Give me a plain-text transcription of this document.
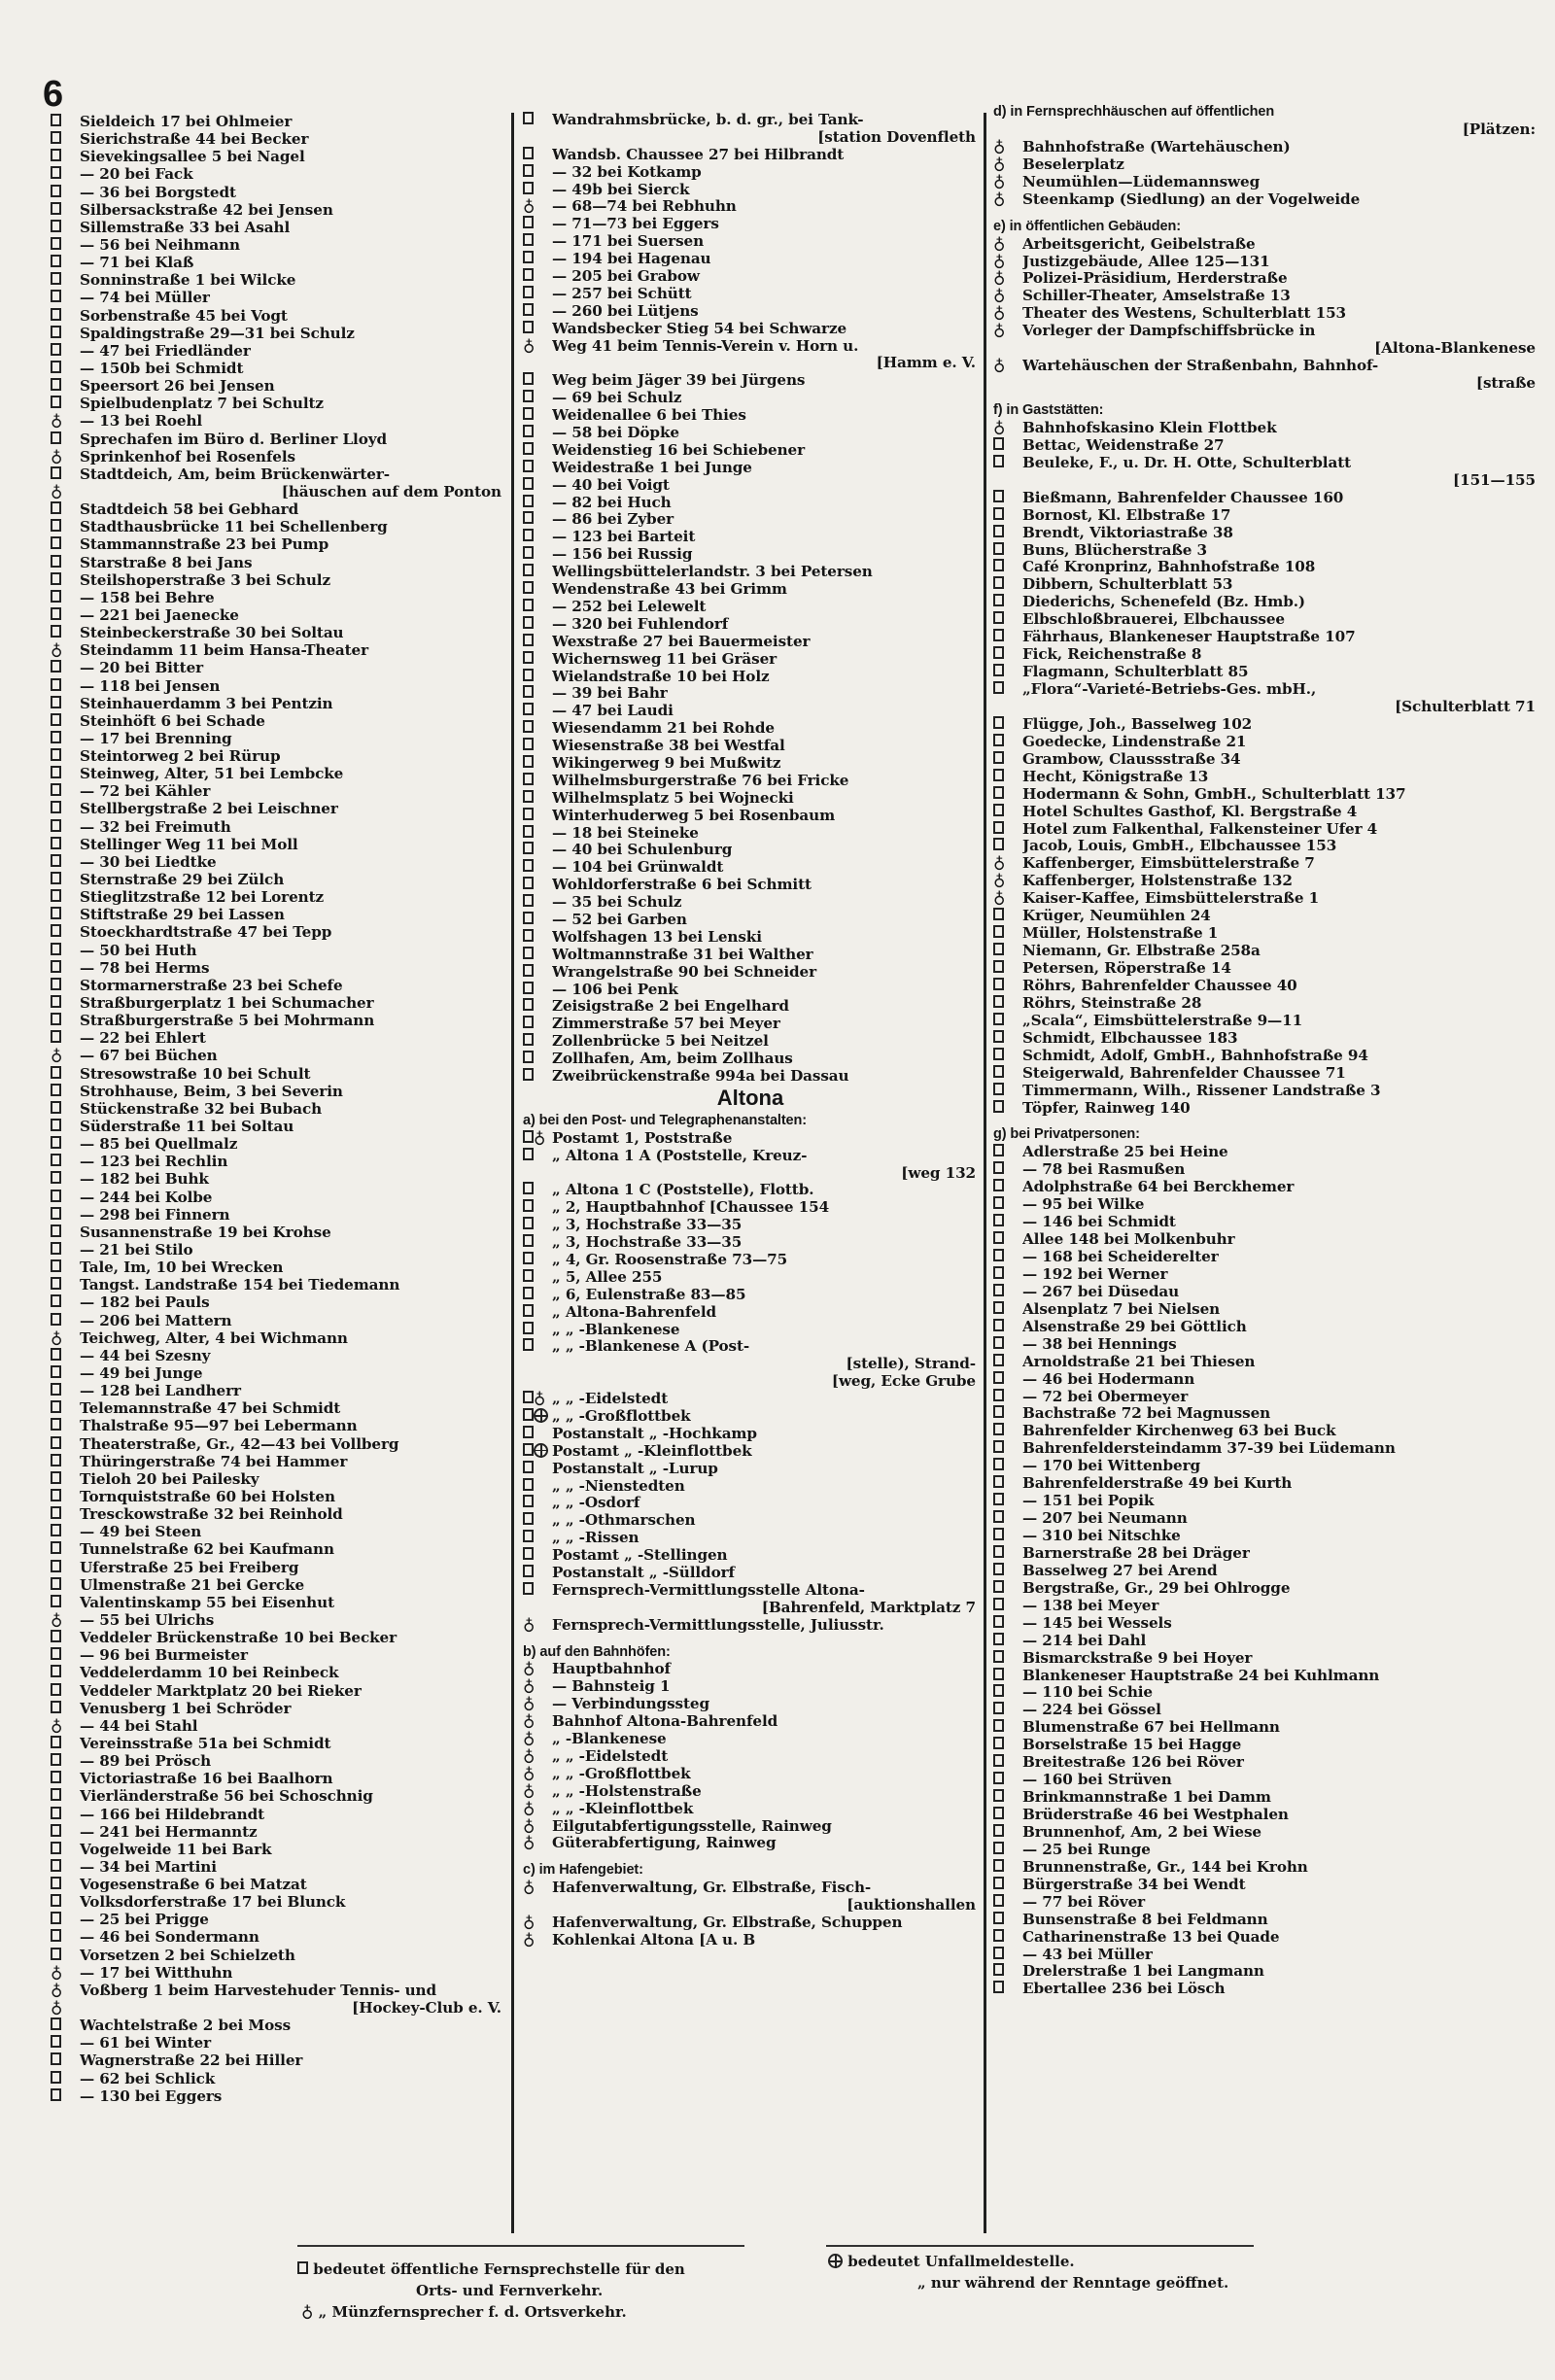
6
Sieldeich 17 bei Ohlmeier
Sierichstraße 44 bei Becker
Sievekingsallee 5 bei Nagel
— 20 bei Fack
— 36 bei Borgstedt
Silbersackstraße 42 bei Jensen
Sillemstraße 33 bei Asahl
— 56 bei Neihmann
— 71 bei Klaß
Sonninstraße 1 bei Wilcke
— 74 bei Müller
Sorbenstraße 45 bei Vogt
Spaldingstraße 29—31 bei Schulz
— 47 bei Friedländer
— 150b bei Schmidt
Speersort 26 bei Jensen
Spielbudenplatz 7 bei Schultz
♁	— 13 bei Roehl
Sprechafen im Büro d. Berliner Lloyd
♁	Sprinkenhof bei Rosenfels
Stadtdeich, Am, beim Brückenwärter-
♁	[häuschen auf dem Ponton
Stadtdeich 58 bei Gebhard
Stadthausbrücke 11 bei Schellenberg
Stammannstraße 23 bei Pump
Starstraße 8 bei Jans
Steilshoperstraße 3 bei Schulz
— 158 bei Behre
— 221 bei Jaenecke
Steinbeckerstraße 30 bei Soltau
♁	Steindamm 11 beim Hansa-Theater
— 20 bei Bitter
— 118 bei Jensen
Steinhauerdamm 3 bei Pentzin
Steinhöft 6 bei Schade
— 17 bei Brenning
Steintorweg 2 bei Rürup
Steinweg, Alter, 51 bei Lembcke
— 72 bei Kähler
Stellbergstraße 2 bei Leischner
— 32 bei Freimuth
Stellinger Weg 11 bei Moll
— 30 bei Liedtke
Sternstraße 29 bei Zülch
Stieglitzstraße 12 bei Lorentz
Stiftstraße 29 bei Lassen
Stoeckhardtstraße 47 bei Tepp
— 50 bei Huth
— 78 bei Herms
Stormarnerstraße 23 bei Schefe
Straßburgerplatz 1 bei Schumacher
Straßburgerstraße 5 bei Mohrmann
— 22 bei Ehlert
♁	— 67 bei Büchen
Stresowstraße 10 bei Schult
Strohhause, Beim, 3 bei Severin
Stückenstraße 32 bei Bubach
Süderstraße 11 bei Soltau
— 85 bei Quellmalz
— 123 bei Rechlin
— 182 bei Buhk
— 244 bei Kolbe
— 298 bei Finnern
Susannenstraße 19 bei Krohse
— 21 bei Stilo
Tale, Im, 10 bei Wrecken
Tangst. Landstraße 154 bei Tiedemann
— 182 bei Pauls
— 206 bei Mattern
♁	Teichweg, Alter, 4 bei Wichmann
— 44 bei Szesny
— 49 bei Junge
— 128 bei Landherr
Telemannstraße 47 bei Schmidt
Thalstraße 95—97 bei Lebermann
Theaterstraße, Gr., 42—43 bei Vollberg
Thüringerstraße 74 bei Hammer
Tieloh 20 bei Pailesky
Tornquiststraße 60 bei Holsten
Tresckowstraße 32 bei Reinhold
— 49 bei Steen
Tunnelstraße 62 bei Kaufmann
Uferstraße 25 bei Freiberg
Ulmenstraße 21 bei Gercke
Valentinskamp 55 bei Eisenhut
♁	— 55 bei Ulrichs
Veddeler Brückenstraße 10 bei Becker
— 96 bei Burmeister
Veddelerdamm 10 bei Reinbeck
Veddeler Marktplatz 20 bei Rieker
Venusberg 1 bei Schröder
♁	— 44 bei Stahl
Vereinsstraße 51a bei Schmidt
— 89 bei Prösch
Victoriastraße 16 bei Baalhorn
Vierländerstraße 56 bei Schoschnig
— 166 bei Hildebrandt
— 241 bei Hermanntz
Vogelweide 11 bei Bark
— 34 bei Martini
Vogesenstraße 6 bei Matzat
Volksdorferstraße 17 bei Blunck
— 25 bei Prigge
— 46 bei Sondermann
Vorsetzen 2 bei Schielzeth
♁	— 17 bei Witthuhn
♁	Voßberg 1 beim Harvestehuder Tennis- und
♁	[Hockey-Club e. V.
Wachtelstraße 2 bei Moss
— 61 bei Winter
Wagnerstraße 22 bei Hiller
— 62 bei Schlick
— 130 bei Eggers
Wandrahmsbrücke, b. d. gr., bei Tank-
[station Dovenfleth
Wandsb. Chaussee 27 bei Hilbrandt
— 32 bei Kotkamp
— 49b bei Sierck
♁	— 68—74 bei Rebhuhn
— 71—73 bei Eggers
— 171 bei Suersen
— 194 bei Hagenau
— 205 bei Grabow
— 257 bei Schütt
— 260 bei Lütjens
Wandsbecker Stieg 54 bei Schwarze
♁	Weg 41 beim Tennis-Verein v. Horn u.
[Hamm e. V.
Weg beim Jäger 39 bei Jürgens
— 69 bei Schulz
Weidenallee 6 bei Thies
— 58 bei Döpke
Weidenstieg 16 bei Schiebener
Weidestraße 1 bei Junge
— 40 bei Voigt
— 82 bei Huch
— 86 bei Zyber
— 123 bei Barteit
— 156 bei Russig
Wellingsbüttelerlandstr. 3 bei Petersen
Wendenstraße 43 bei Grimm
— 252 bei Lelewelt
— 320 bei Fuhlendorf
Wexstraße 27 bei Bauermeister
Wichernsweg 11 bei Gräser
Wielandstraße 10 bei Holz
— 39 bei Bahr
— 47 bei Laudi
Wiesendamm 21 bei Rohde
Wiesenstraße 38 bei Westfal
Wikingerweg 9 bei Mußwitz
Wilhelmsburgerstraße 76 bei Fricke
Wilhelmsplatz 5 bei Wojnecki
Winterhuderweg 5 bei Rosenbaum
— 18 bei Steineke
— 40 bei Schulenburg
— 104 bei Grünwaldt
Wohldorferstraße 6 bei Schmitt
— 35 bei Schulz
— 52 bei Garben
Wolfshagen 13 bei Lenski
Woltmannstraße 31 bei Walther
Wrangelstraße 90 bei Schneider
— 106 bei Penk
Zeisigstraße 2 bei Engelhard
Zimmerstraße 57 bei Meyer
Zollenbrücke 5 bei Neitzel
Zollhafen, Am, beim Zollhaus
Zweibrückenstraße 994a bei Dassau
Altona
a) bei den Post- und Telegraphenanstalten:
♁ Postamt 1, Poststraße
„ Altona 1 A (Poststelle, Kreuz-
[weg 132
„ Altona 1 C (Poststelle), Flottb.
„ 2, Hauptbahnhof [Chaussee 154
„ 3, Hochstraße 33—35
„ 3, Hochstraße 33—35
„ 4, Gr. Roosenstraße 73—75
„ 5, Allee 255
„ 6, Eulenstraße 83—85
„ Altona-Bahrenfeld
„ „ -Blankenese
„ „ -Blankenese A (Post-
[stelle), Strand-
[weg, Ecke Grube
♁ „ „ -Eidelstedt
„ „ -Großflottbek
Postanstalt „ -Hochkamp
Postamt „ -Kleinflottbek
Postanstalt „ -Lurup
„ „ -Nienstedten
„ „ -Osdorf
„ „ -Othmarschen
„ „ -Rissen
Postamt „ -Stellingen
Postanstalt „ -Sülldorf
Fernsprech-Vermittlungsstelle Altona-
[Bahrenfeld, Marktplatz 7
♁	Fernsprech-Vermittlungsstelle, Juliusstr.
b) auf den Bahnhöfen:
♁	Hauptbahnhof
♁	— Bahnsteig 1
♁	— Verbindungssteg
♁	Bahnhof Altona-Bahrenfeld
♁	„ -Blankenese
♁	„ „ -Eidelstedt
♁	„ „ -Großflottbek
♁	„ „ -Holstenstraße
♁	„ „ -Kleinflottbek
♁	Eilgutabfertigungsstelle, Rainweg
♁	Güterabfertigung, Rainweg
c) im Hafengebiet:
♁	Hafenverwaltung, Gr. Elbstraße, Fisch-
[auktionshallen
♁	Hafenverwaltung, Gr. Elbstraße, Schuppen
♁	Kohlenkai Altona [A u. B
d) in Fernsprechhäuschen auf öffentlichen
[Plätzen:
♁	Bahnhofstraße (Wartehäuschen)
♁	Beselerplatz
♁	Neumühlen—Lüdemannsweg
♁	Steenkamp (Siedlung) an der Vogelweide
e) in öffentlichen Gebäuden:
♁	Arbeitsgericht, Geibelstraße
♁	Justizgebäude, Allee 125—131
♁	Polizei-Präsidium, Herderstraße
♁	Schiller-Theater, Amselstraße 13
♁	Theater des Westens, Schulterblatt 153
♁	Vorleger der Dampfschiffsbrücke in
[Altona-Blankenese
♁	Wartehäuschen der Straßenbahn, Bahnhof-
[straße
f) in Gaststätten:
♁	Bahnhofskasino Klein Flottbek
Bettac, Weidenstraße 27
Beuleke, F., u. Dr. H. Otte, Schulterblatt
[151—155
Bießmann, Bahrenfelder Chaussee 160
Bornost, Kl. Elbstraße 17
Brendt, Viktoriastraße 38
Buns, Blücherstraße 3
Café Kronprinz, Bahnhofstraße 108
Dibbern, Schulterblatt 53
Diederichs, Schenefeld (Bz. Hmb.)
Elbschloßbrauerei, Elbchaussee
Fährhaus, Blankeneser Hauptstraße 107
Fick, Reichenstraße 8
Flagmann, Schulterblatt 85
„Flora“-Varieté-Betriebs-Ges. mbH.,
[Schulterblatt 71
Flügge, Joh., Basselweg 102
Goedecke, Lindenstraße 21
Grambow, Claussstraße 34
Hecht, Königstraße 13
Hodermann & Sohn, GmbH., Schulterblatt 137
Hotel Schultes Gasthof, Kl. Bergstraße 4
Hotel zum Falkenthal, Falkensteiner Ufer 4
Jacob, Louis, GmbH., Elbchaussee 153
♁	Kaffenberger, Eimsbüttelerstraße 7
♁	Kaffenberger, Holstenstraße 132
♁	Kaiser-Kaffee, Eimsbüttelerstraße 1
Krüger, Neumühlen 24
Müller, Holstenstraße 1
Niemann, Gr. Elbstraße 258a
Petersen, Röperstraße 14
Röhrs, Bahrenfelder Chaussee 40
Röhrs, Steinstraße 28
„Scala“, Eimsbüttelerstraße 9—11
Schmidt, Elbchaussee 183
Schmidt, Adolf, GmbH., Bahnhofstraße 94
Steigerwald, Bahrenfelder Chaussee 71
Timmermann, Wilh., Rissener Landstraße 3
Töpfer, Rainweg 140
g) bei Privatpersonen:
Adlerstraße 25 bei Heine
— 78 bei Rasmußen
Adolphstraße 64 bei Berckhemer
— 95 bei Wilke
— 146 bei Schmidt
Allee 148 bei Molkenbuhr
— 168 bei Scheiderelter
— 192 bei Werner
— 267 bei Düsedau
Alsenplatz 7 bei Nielsen
Alsenstraße 29 bei Göttlich
— 38 bei Hennings
Arnoldstraße 21 bei Thiesen
— 46 bei Hodermann
— 72 bei Obermeyer
Bachstraße 72 bei Magnussen
Bahrenfelder Kirchenweg 63 bei Buck
Bahrenfeldersteindamm 37-39 bei Lüdemann
— 170 bei Wittenberg
Bahrenfelderstraße 49 bei Kurth
— 151 bei Popik
— 207 bei Neumann
— 310 bei Nitschke
Barnerstraße 28 bei Dräger
Basselweg 27 bei Arend
Bergstraße, Gr., 29 bei Ohlrogge
— 138 bei Meyer
— 145 bei Wessels
— 214 bei Dahl
Bismarckstraße 9 bei Hoyer
Blankeneser Hauptstraße 24 bei Kuhlmann
— 110 bei Schie
— 224 bei Gössel
Blumenstraße 67 bei Hellmann
Borselstraße 15 bei Hagge
Breitestraße 126 bei Röver
— 160 bei Strüven
Brinkmannstraße 1 bei Damm
Brüderstraße 46 bei Westphalen
Brunnenhof, Am, 2 bei Wiese
— 25 bei Runge
Brunnenstraße, Gr., 144 bei Krohn
Bürgerstraße 34 bei Wendt
— 77 bei Röver
Bunsenstraße 8 bei Feldmann
Catharinenstraße 13 bei Quade
— 43 bei Müller
Drelerstraße 1 bei Langmann
Ebertallee 236 bei Lösch
bedeutet öffentliche Fernsprechstelle für den
Orts- und Fernverkehr.
♁ „ Münzfernsprecher f. d. Ortsverkehr.
bedeutet Unfallmeldestelle.
„ nur während der Renntage geöffnet.
